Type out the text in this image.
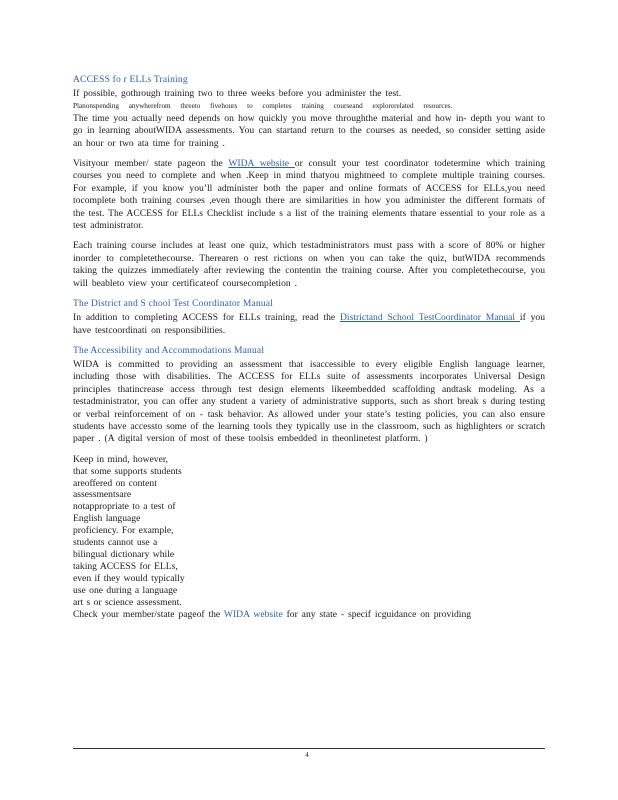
ACCESS fo r ELLs Training

If possible, gothrough training two to three weeks before you administer the test.
Planonspending anywherefrom threeto fivehours to completes training courseand explorerelated resources.
The time you actually need depends on how quickly you move throughthe material and how in- depth you want to go in learning aboutWIDA assessments. You can startand return to the courses as needed, so consider setting aside an hour or two ata time for training .

Visityour member/ state pageon the WIDA website or consult your test coordinator todetermine which training courses you need to complete and when .Keep in mind thatyou mightneed to complete multiple training courses. For example, if you know you’ll administer both the paper and online formats of ACCESS for ELLs,you need tocomplete both training courses ,even though there are similarities in how you administer the different formats of the test. The ACCESS for ELLs Checklist include s a list of the training elements thatare essential to your role as a test administrator.

Each training course includes at least one quiz, which testadministrators must pass with a score of 80% or higher inorder to completethecourse. Therearen o rest rictions on when you can take the quiz, butWIDA recommends taking the quizzes immediately after reviewing the contentin the training course. After you completethecourse, you will beableto view your certificateof coursecompletion .

The District and S chool Test Coordinator Manual

In addition to completing ACCESS for ELLs training, read the Districtand School TestCoordinator Manual if you have testcoordinati on responsibilities.

The Accessibility and Accommodations Manual

WIDA is committed to providing an assessment that isaccessible to every eligible English language learner, including those with disabilities. The ACCESS for ELLs suite of assessments incorporates Universal Design principles thatincrease access through test design elements likeembedded scaffolding andtask modeling. As a testadministrator, you can offer any student a variety of administrative supports, such as short break s during testing or verbal reinforcement of on - task behavior. As allowed under your state’s testing policies, you can also ensure students have accessto some of the learning tools they typically use in the classroom, such as highlighters or scratch paper . (A digital version of most of these toolsis embedded in theonlinetest platform. )

Keep in mind, however, that some supports students areoffered on content assessmentsare notappropriate to a test of English language proficiency. For example, students cannot use a bilingual dictionary while taking ACCESS for ELLs, even if they would typically use one during a language art s or science assessment.

Check your member/state pageof the WIDA website for any state - specif icguidance on providing

4
